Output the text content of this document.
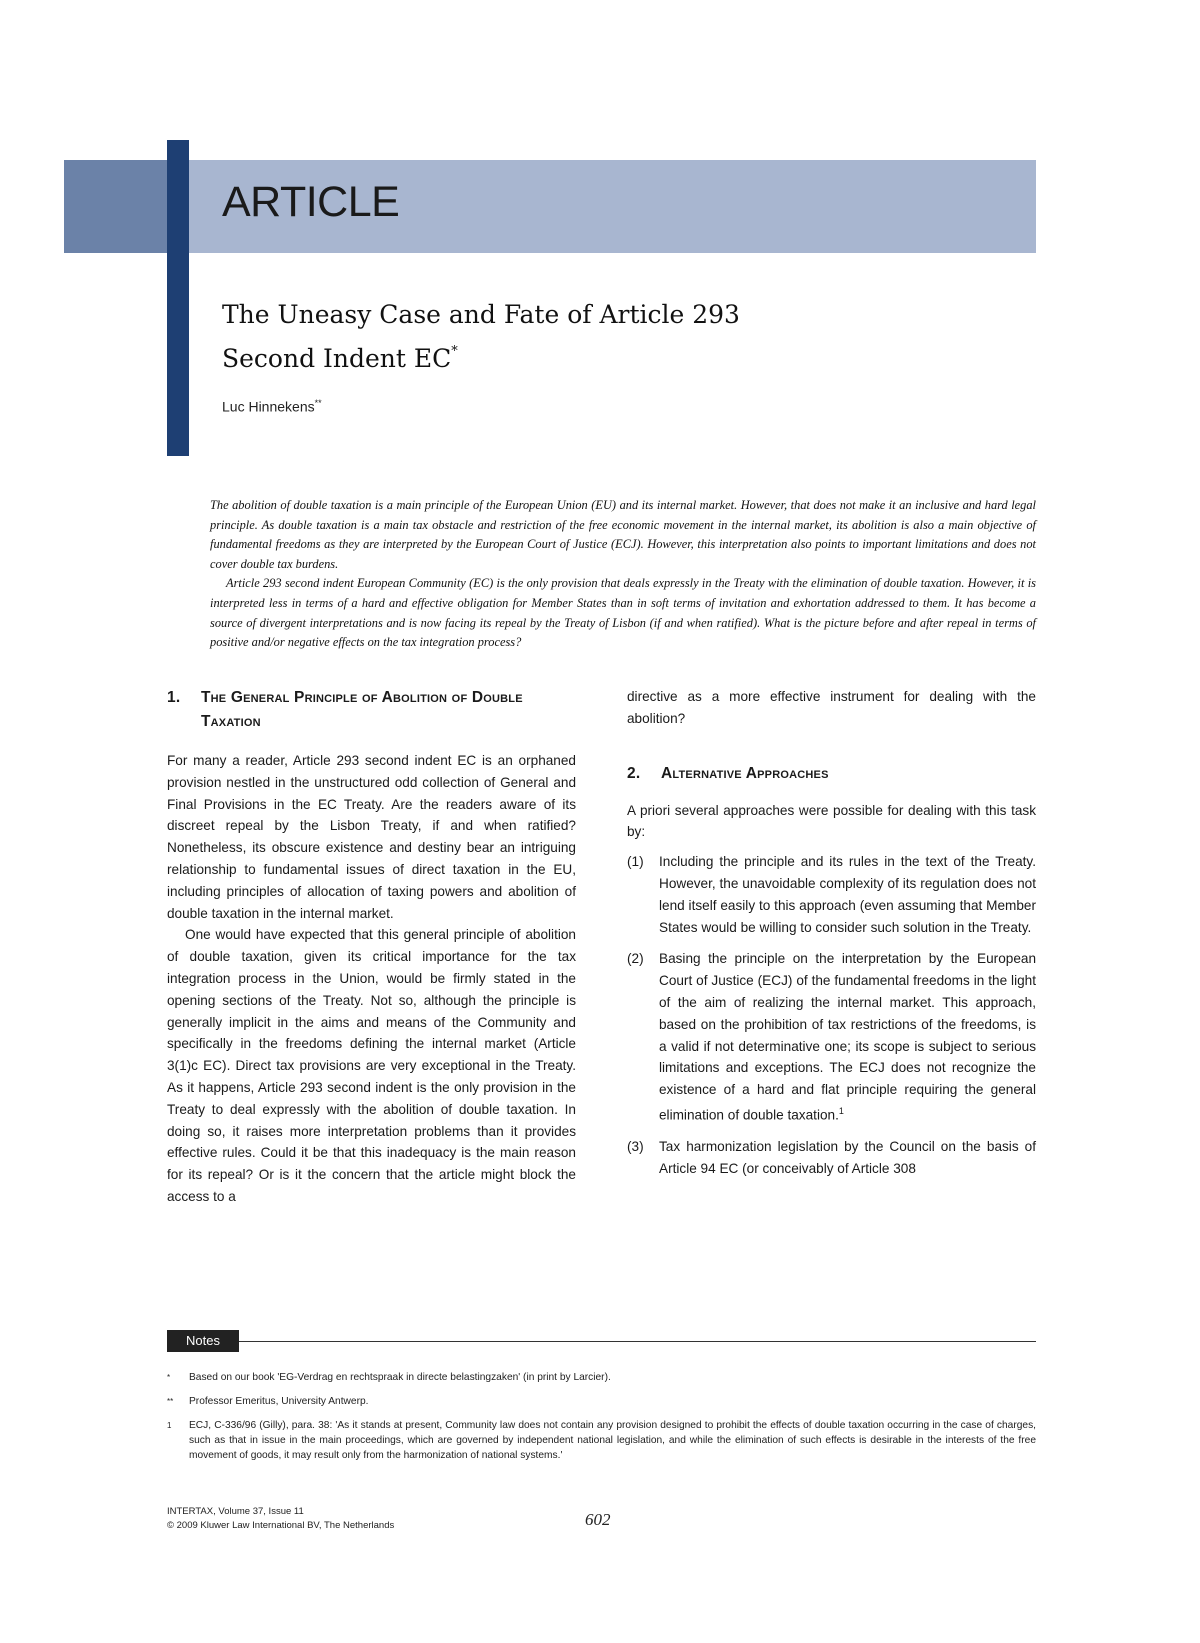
ARTICLE
The Uneasy Case and Fate of Article 293
Second Indent EC*
Luc Hinnekens**

The abolition of double taxation is a main principle of the European Union (EU) and its internal market. However, that does not make it an inclusive and hard legal principle. As double taxation is a main tax obstacle and restriction of the free economic movement in the internal market, its abolition is also a main objective of fundamental freedoms as they are interpreted by the European Court of Justice (ECJ). However, this interpretation also points to important limitations and does not cover double tax burdens.

Article 293 second indent European Community (EC) is the only provision that deals expressly in the Treaty with the elimination of double taxation. However, it is interpreted less in terms of a hard and effective obligation for Member States than in soft terms of invitation and exhortation addressed to them. It has become a source of divergent interpretations and is now facing its repeal by the Treaty of Lisbon (if and when ratified). What is the picture before and after repeal in terms of positive and/or negative effects on the tax integration process?

1.	The General Principle of Abolition of Double Taxation

For many a reader, Article 293 second indent EC is an orphaned provision nestled in the unstructured odd collection of General and Final Provisions in the EC Treaty. Are the readers aware of its discreet repeal by the Lisbon Treaty, if and when ratified? Nonetheless, its obscure existence and destiny bear an intriguing relationship to fundamental issues of direct taxation in the EU, including principles of allocation of taxing powers and abolition of double taxation in the internal market.

One would have expected that this general principle of abolition of double taxation, given its critical importance for the tax integration process in the Union, would be firmly stated in the opening sections of the Treaty. Not so, although the principle is generally implicit in the aims and means of the Community and specifically in the freedoms defining the internal market (Article 3(1)c EC). Direct tax provisions are very exceptional in the Treaty. As it happens, Article 293 second indent is the only provision in the Treaty to deal expressly with the abolition of double taxation. In doing so, it raises more interpretation problems than it provides effective rules. Could it be that this inadequacy is the main reason for its repeal? Or is it the concern that the article might block the access to a

directive as a more effective instrument for dealing with the abolition?

2.	Alternative Approaches

A priori several approaches were possible for dealing with this task by:

(1)	Including the principle and its rules in the text of the Treaty. However, the unavoidable complexity of its regulation does not lend itself easily to this approach (even assuming that Member States would be willing to consider such solution in the Treaty.
(2)	Basing the principle on the interpretation by the European Court of Justice (ECJ) of the fundamental freedoms in the light of the aim of realizing the internal market. This approach, based on the prohibition of tax restrictions of the freedoms, is a valid if not determinative one; its scope is subject to serious limitations and exceptions. The ECJ does not recognize the existence of a hard and flat principle requiring the general elimination of double taxation.$^1$
(3)	Tax harmonization legislation by the Council on the basis of Article 94 EC (or conceivably of Article 308
Notes
*	Based on our book 'EG-Verdrag en rechtspraak in directe belastingzaken' (in print by Larcier).
**	Professor Emeritus, University Antwerp.
1	ECJ, C-336/96 (Gilly), para. 38: 'As it stands at present, Community law does not contain any provision designed to prohibit the effects of double taxation occurring in the case of charges, such as that in issue in the main proceedings, which are governed by independent national legislation, and while the elimination of such effects is desirable in the interests of the free movement of goods, it may result only from the harmonization of national systems.'
INTERTAX, Volume 37, Issue 11
© 2009 Kluwer Law International BV, The Netherlands	602
